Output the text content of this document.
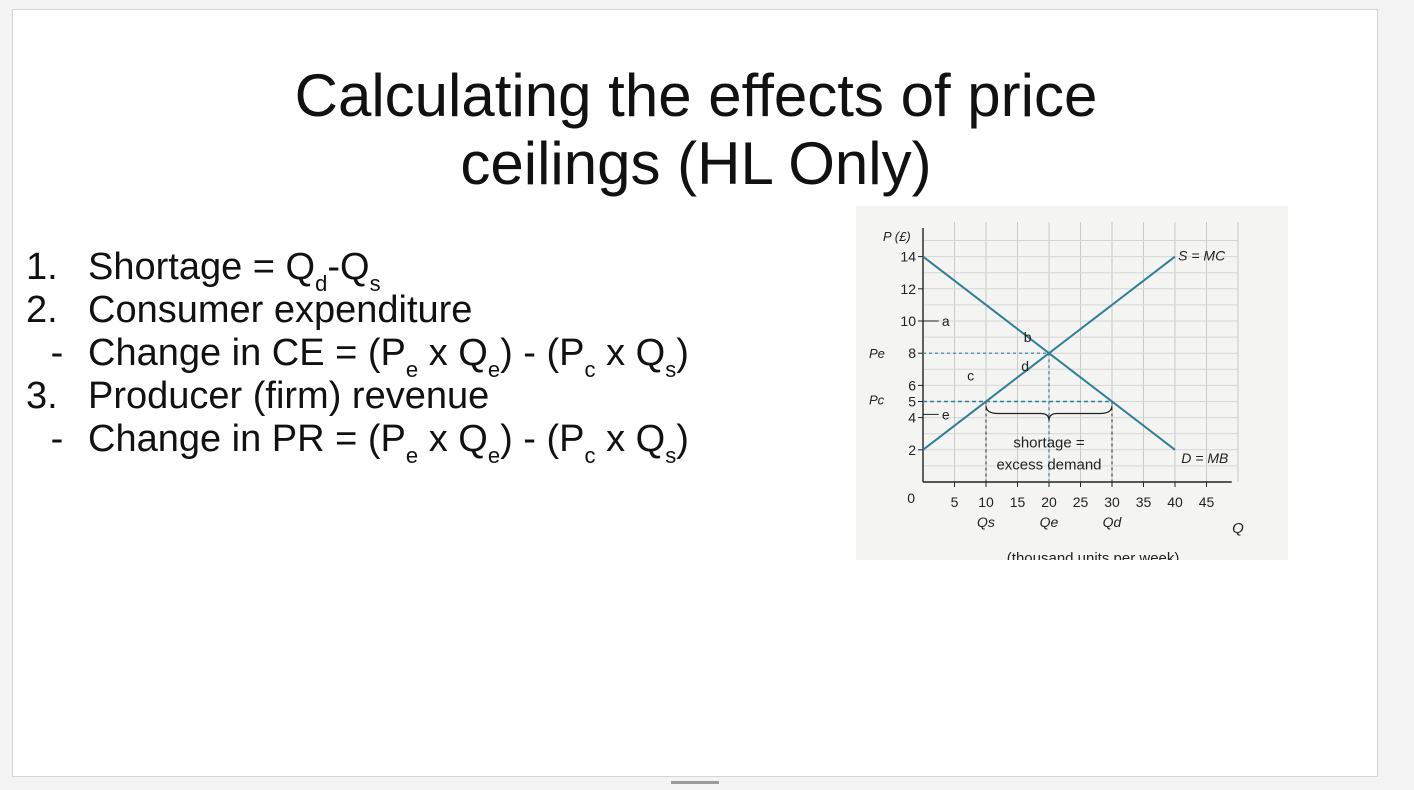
Calculating the effects of price
ceilings (HL Only)
1. Shortage = $Q_d-Q_s$
2. Consumer expenditure
- Change in CE = ($P_e$ x $Q_e) - (P_c$ x $Q_s$)
3. Producer (firm) revenue
- Change in PR = ($P_e$ x $Q_e) - (P_c$ x $Q_s$)
14
12
10
8
6
5
4
2
5 10 15 20 25 30 35 40 45
0
P (£)
Q
(thousand units per week)
S = MC
D = MB
Pe
Pc
Qs	Qe	Qd
a
b
c
d
e
shortage =
excess demand
